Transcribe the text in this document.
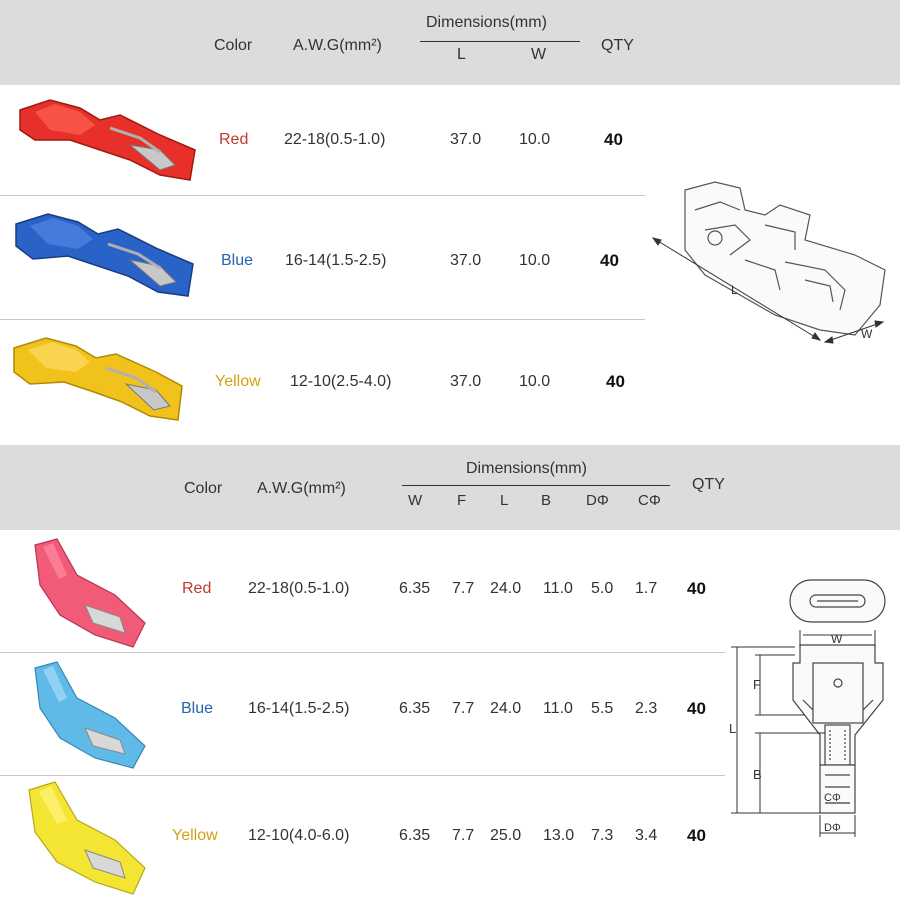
Color	A.W.G(mm²)
Dimensions(mm)
L	W
QTY
Red 22-18(0.5-1.0)	37.0 10.0	40
Blue 16-14(1.5-2.5)	37.0 10.0	40
Yellow 12-10(2.5-4.0)	37.0 10.0	40
L
W
Color A.W.G(mm²)
Dimensions(mm)
W F L B DΦ CΦ
QTY
Red 22-18(0.5-1.0)	6.35 7.7 24.0 11.0 5.0 1.7 40
Blue 16-14(1.5-2.5)	6.35 7.7 24.0 11.0 5.5 2.3 40
Yellow 12-10(4.0-6.0)	6.35 7.7 25.0 13.0 7.3 3.4 40
W
L
F
B
CΦ
DΦ
